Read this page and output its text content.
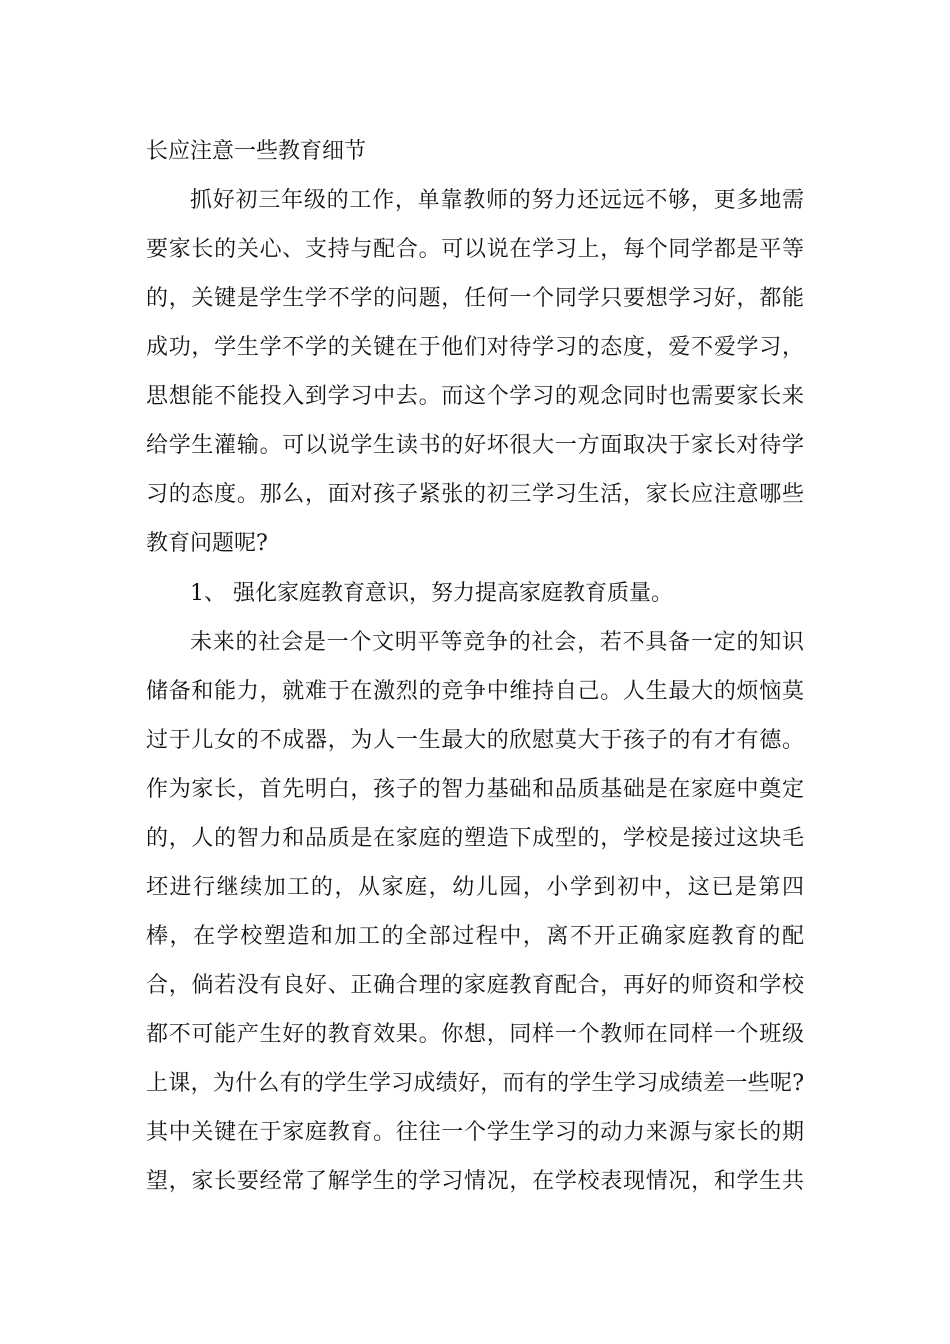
长应注意一些教育细节
抓好初三年级的工作，单靠教师的努力还远远不够，更多地需
要家长的关心、支持与配合。可以说在学习上，每个同学都是平等
的，关键是学生学不学的问题，任何一个同学只要想学习好，都能
成功，学生学不学的关键在于他们对待学习的态度，爱不爱学习，
思想能不能投入到学习中去。而这个学习的观念同时也需要家长来
给学生灌输。可以说学生读书的好坏很大一方面取决于家长对待学
习的态度。那么，面对孩子紧张的初三学习生活，家长应注意哪些
教育问题呢?
1、 强化家庭教育意识，努力提高家庭教育质量。
未来的社会是一个文明平等竞争的社会，若不具备一定的知识
储备和能力，就难于在激烈的竞争中维持自己。人生最大的烦恼莫
过于儿女的不成器，为人一生最大的欣慰莫大于孩子的有才有德。
作为家长，首先明白，孩子的智力基础和品质基础是在家庭中奠定
的，人的智力和品质是在家庭的塑造下成型的，学校是接过这块毛
坯进行继续加工的，从家庭，幼儿园，小学到初中，这已是第四
棒，在学校塑造和加工的全部过程中，离不开正确家庭教育的配
合，倘若没有良好、正确合理的家庭教育配合，再好的师资和学校
都不可能产生好的教育效果。你想，同样一个教师在同样一个班级
上课，为什么有的学生学习成绩好，而有的学生学习成绩差一些呢?
其中关键在于家庭教育。往往一个学生学习的动力来源与家长的期
望，家长要经常了解学生的学习情况，在学校表现情况，和学生共
